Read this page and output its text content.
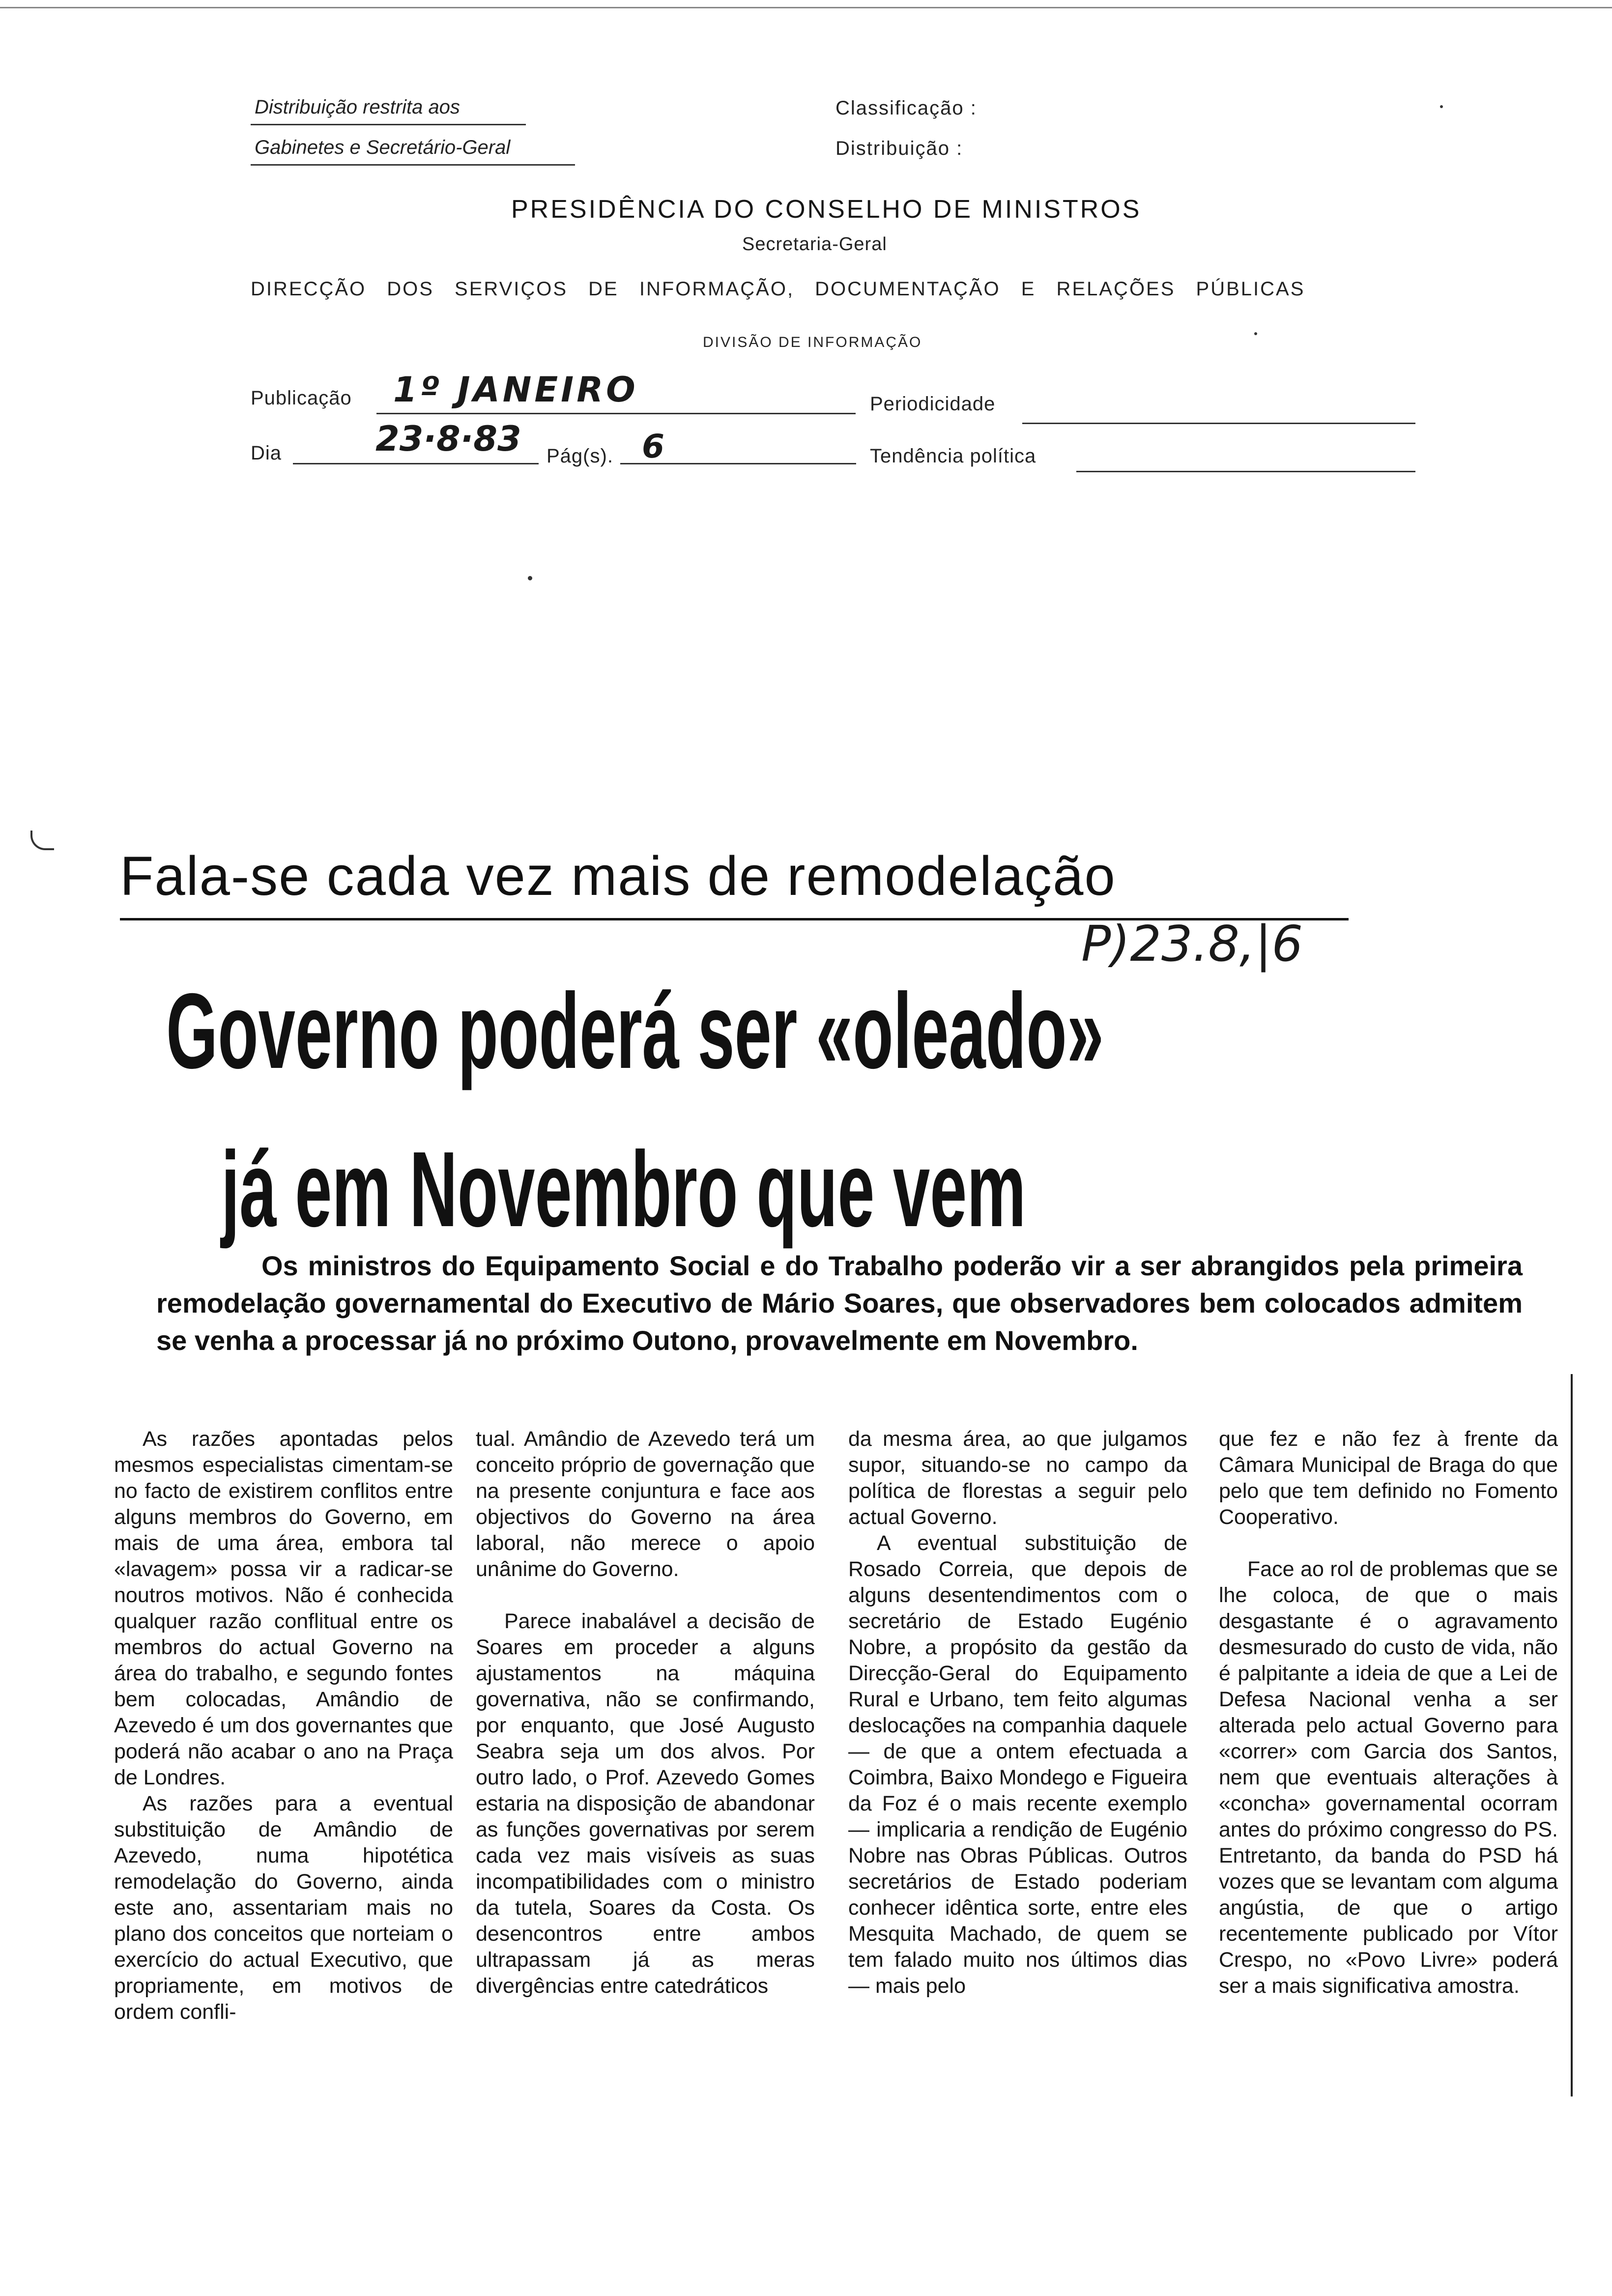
Distribuição restrita aos
Gabinetes e Secretário-Geral
Classificação :
Distribuição :
PRESIDÊNCIA DO CONSELHO DE MINISTROS
Secretaria-Geral
DIRECÇÃO DOS SERVIÇOS DE INFORMAÇÃO, DOCUMENTAÇÃO E RELAÇÕES PÚBLICAS
DIVISÃO DE INFORMAÇÃO
Publicação 1º JANEIRO	Periodicidade
Dia	23·8·83 Pág(s). 6	Tendência política
Fala-se cada vez mais de remodelação
P)23.8,|6
Governo poderá ser «oleado»
já em Novembro que vem
Os ministros do Equipamento Social e do Trabalho poderão vir a ser abrangidos pela primeira remodelação governamental do Executivo de Mário Soares, que observadores bem colocados admitem se venha a processar já no próximo Outono, provavelmente em Novembro.

As razões apontadas pelos mesmos especialistas cimentam-se no facto de existirem conflitos entre alguns membros do Governo, em mais de uma área, embora tal «lavagem» possa vir a radicar-se noutros motivos. Não é conhecida qualquer razão conflitual entre os membros do actual Governo na área do trabalho, e segundo fontes bem colocadas, Amândio de Azevedo é um dos governantes que poderá não acabar o ano na Praça de Londres.

As razões para a eventual substituição de Amândio de Azevedo, numa hipotética remodelação do Governo, ainda este ano, assentariam mais no plano dos conceitos que norteiam o exercício do actual Executivo, que propriamente, em motivos de ordem confli-

tual. Amândio de Azevedo terá um conceito próprio de governação que na presente conjuntura e face aos objectivos do Governo na área laboral, não merece o apoio unânime do Governo.

Parece inabalável a decisão de Soares em proceder a alguns ajustamentos na máquina governativa, não se confirmando, por enquanto, que José Augusto Seabra seja um dos alvos. Por outro lado, o Prof. Azevedo Gomes estaria na disposição de abandonar as funções governativas por serem cada vez mais visíveis as suas incompatibilidades com o ministro da tutela, Soares da Costa. Os desencontros entre ambos ultrapassam já as meras divergências entre catedráticos

da mesma área, ao que julgamos supor, situando-se no campo da política de florestas a seguir pelo actual Governo.

A eventual substituição de Rosado Correia, que depois de alguns desentendimentos com o secretário de Estado Eugénio Nobre, a propósito da gestão da Direcção-Geral do Equipamento Rural e Urbano, tem feito algumas deslocações na companhia daquele — de que a ontem efectuada a Coimbra, Baixo Mondego e Figueira da Foz é o mais recente exemplo — implicaria a rendição de Eugénio Nobre nas Obras Públicas. Outros secretários de Estado poderiam conhecer idêntica sorte, entre eles Mesquita Machado, de quem se tem falado muito nos últimos dias — mais pelo

que fez e não fez à frente da Câmara Municipal de Braga do que pelo que tem definido no Fomento Cooperativo.

Face ao rol de problemas que se lhe coloca, de que o mais desgastante é o agravamento desmesurado do custo de vida, não é palpitante a ideia de que a Lei de Defesa Nacional venha a ser alterada pelo actual Governo para «correr» com Garcia dos Santos, nem que eventuais alterações à «concha» governamental ocorram antes do próximo congresso do PS. Entretanto, da banda do PSD há vozes que se levantam com alguma angústia, de que o artigo recentemente publicado por Vítor Crespo, no «Povo Livre» poderá ser a mais significativa amostra.
